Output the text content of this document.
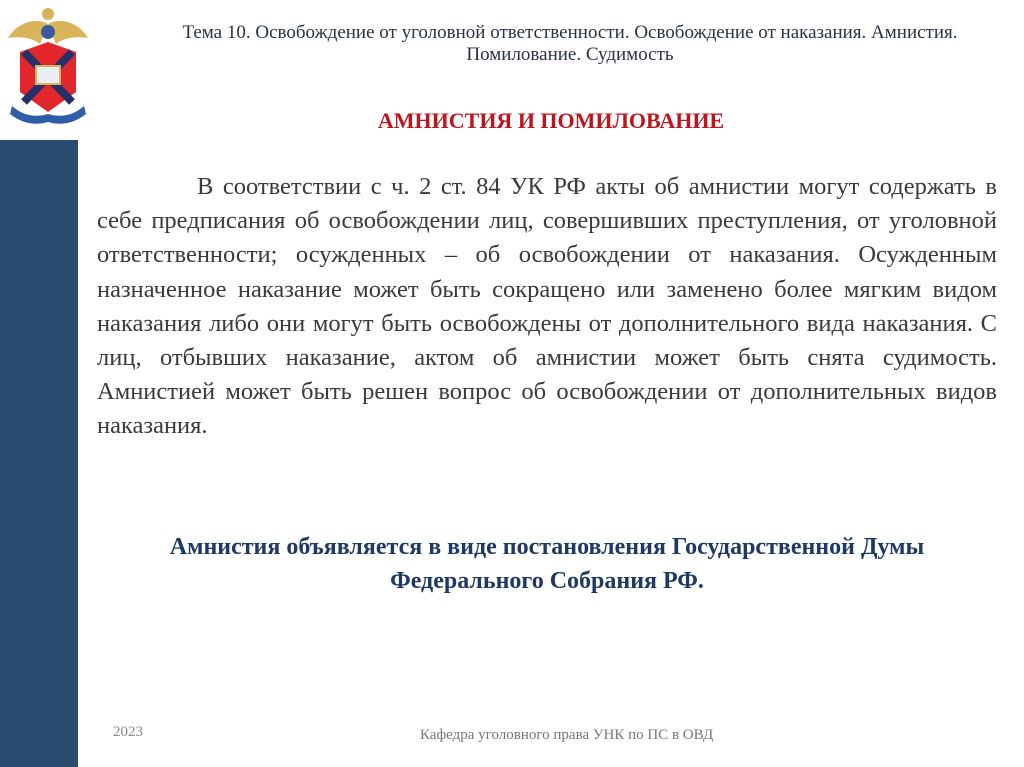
Тема 10. Освобождение от уголовной ответственности. Освобождение от наказания. Амнистия. Помилование. Судимость
АМНИСТИЯ И ПОМИЛОВАНИЕ
В соответствии с ч. 2 ст. 84 УК РФ акты об амнистии могут содержать в себе предписания об освобождении лиц, совершивших преступления, от уголовной ответственности; осужденных – об освобождении от наказания. Осужденным назначенное наказание может быть сокращено или заменено более мягким видом наказания либо они могут быть освобождены от дополнительного вида наказания. С лиц, отбывших наказание, актом об амнистии может быть снята судимость. Амнистией может быть решен вопрос об освобождении от дополнительных видов наказания.
Амнистия объявляется в виде постановления Государственной Думы Федерального Собрания РФ.
2023	Кафедра уголовного права УНК по ПС в ОВД
